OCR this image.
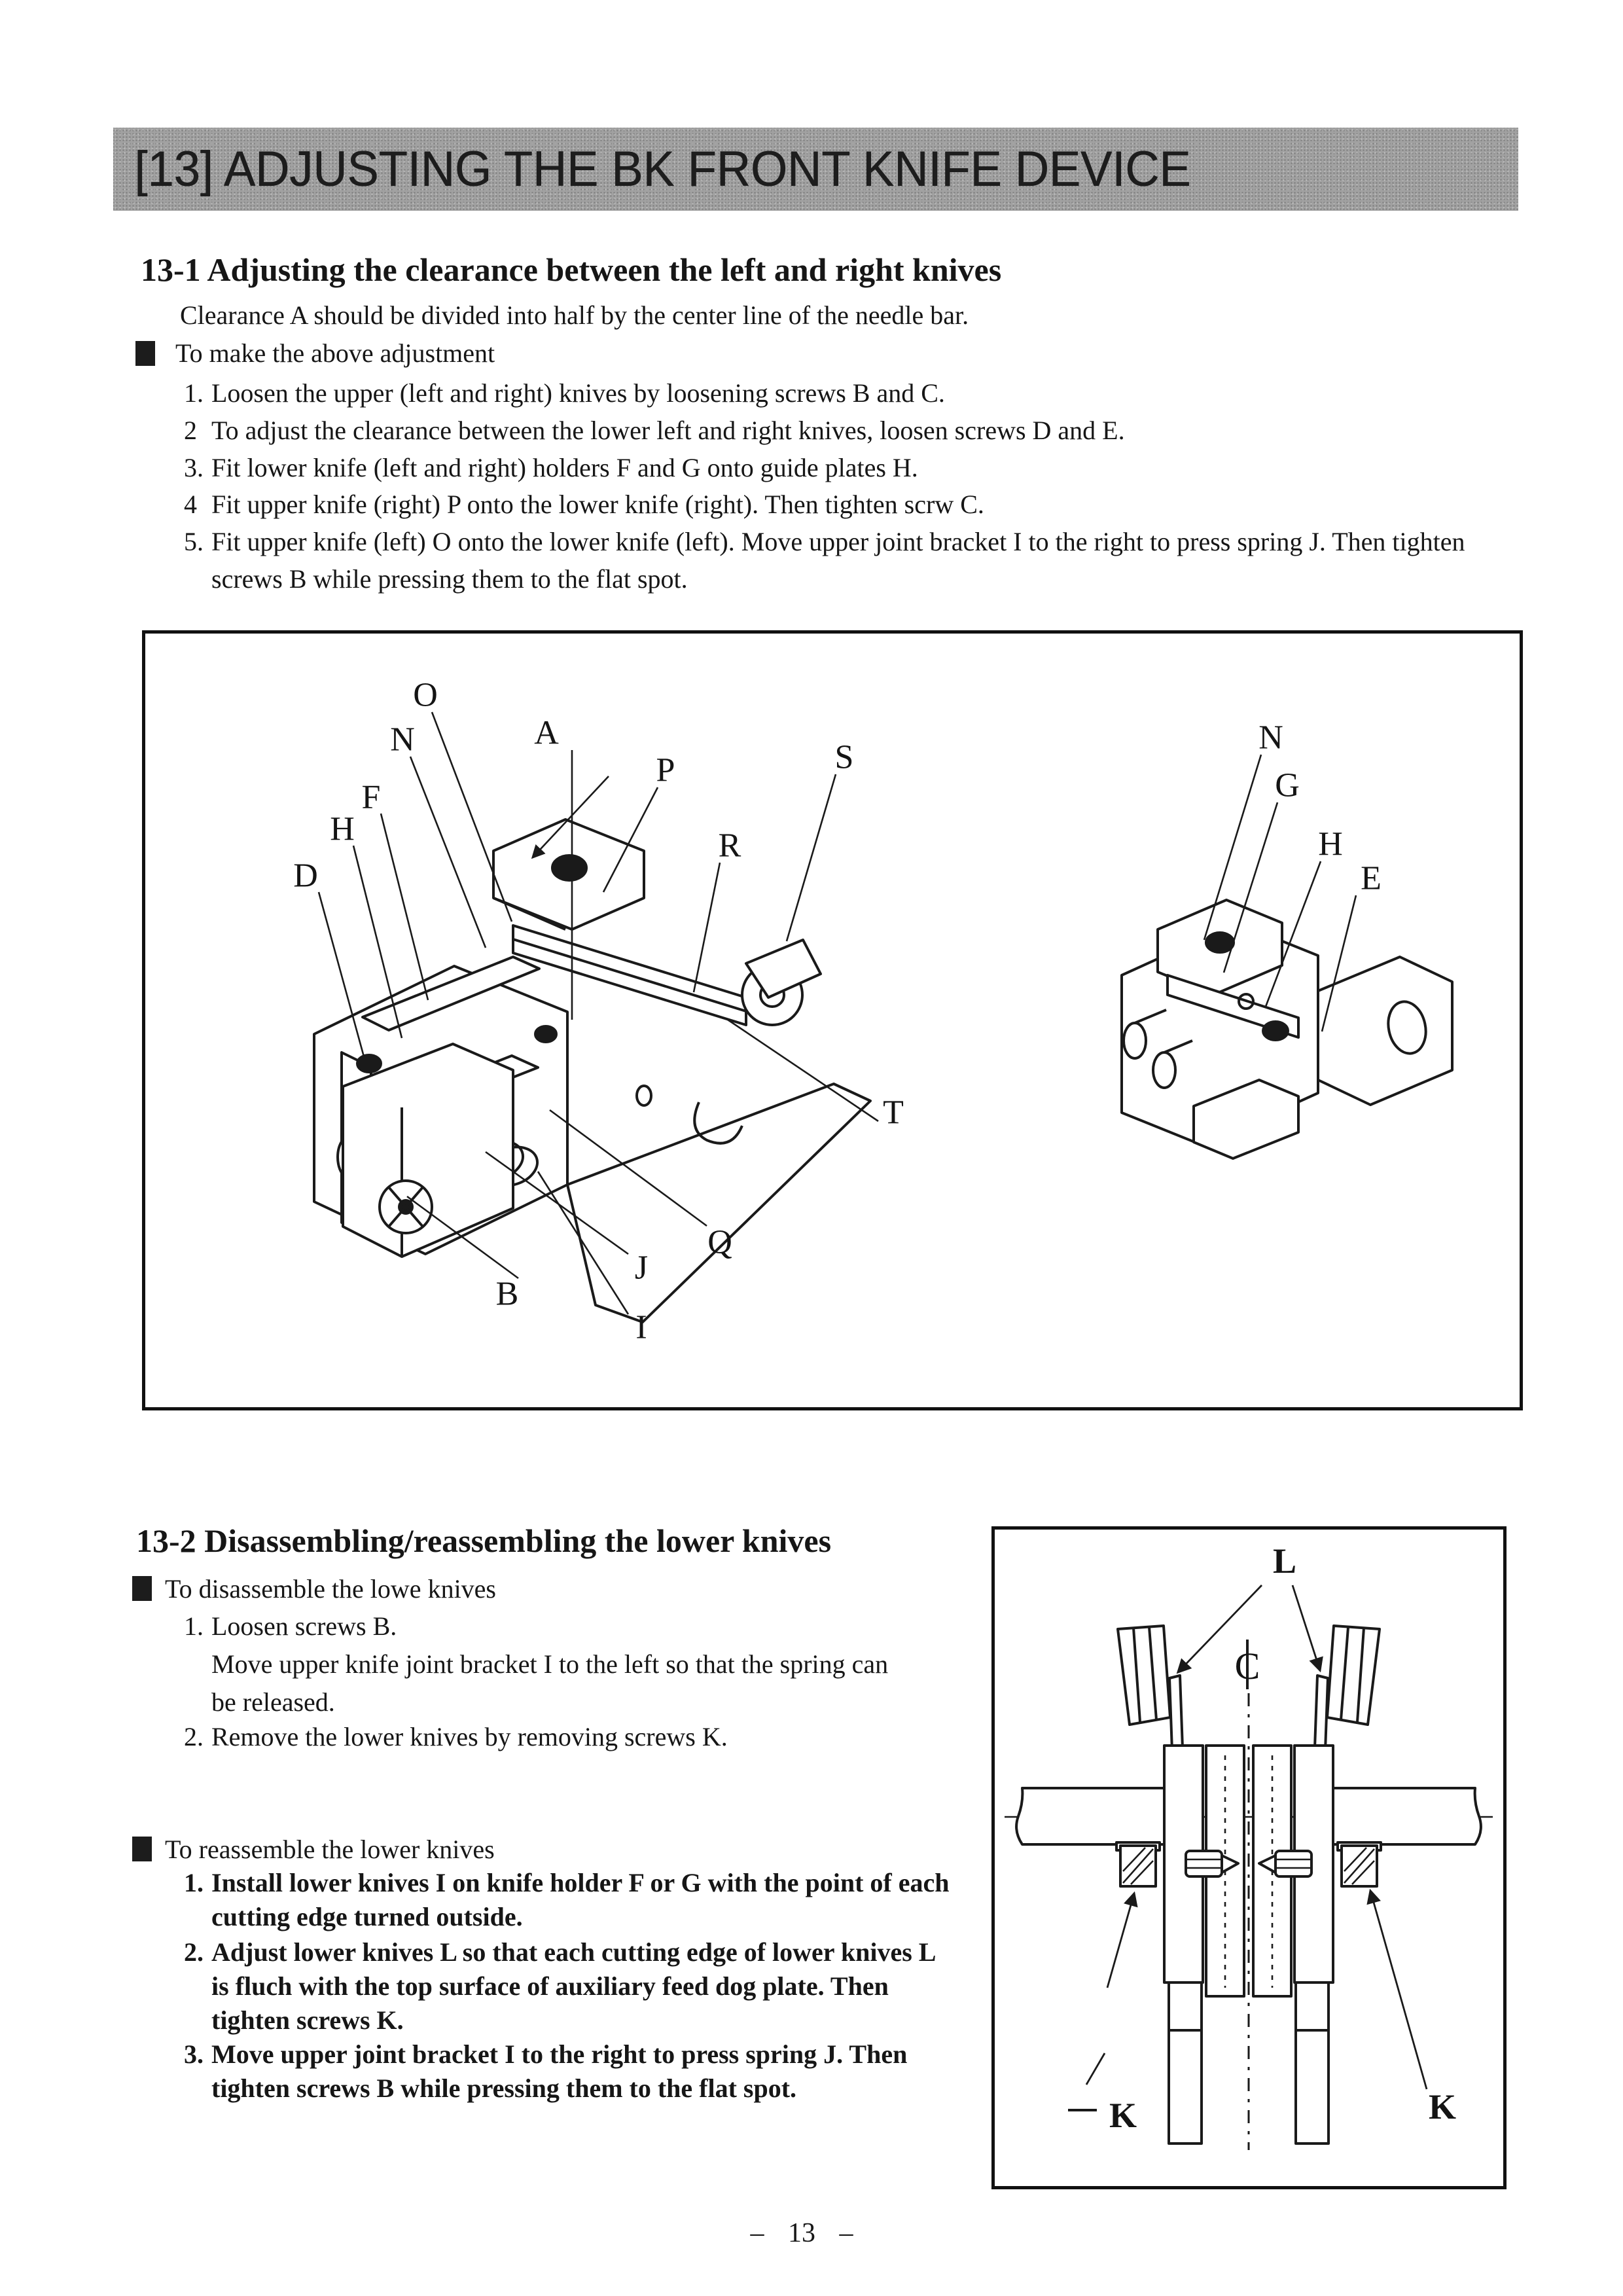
[13] ADJUSTING THE BK FRONT KNIFE DEVICE
13-1 Adjusting the clearance between the left and right knives
Clearance A should be divided into half by the center line of the needle bar.
To make the above adjustment
1. Loosen the upper (left and right) knives by loosening screws B and C.
2 To adjust the clearance between the lower left and right knives, loosen screws D and E.
3. Fit lower knife (left and right) holders F and G onto guide plates H.
4 Fit upper knife (right) P onto the lower knife (right). Then tighten scrw C.
5. Fit upper knife (left) O onto the lower knife (left). Move upper joint bracket I to the right to press spring J. Then tighten screws B while pressing them to the flat spot.
O
N	A
P	S
F
H
D
R
T
Q
J
B
I
N
G
H
E
13-2 Disassembling/reassembling the lower knives
To disassemble the lowe knives
1. Loosen screws B.
Move upper knife joint bracket I to the left so that the spring can be released.
2. Remove the lower knives by removing screws K.
To reassemble the lower knives
1. Install lower knives I on knife holder F or G with the point of each cutting edge turned outside.
2. Adjust lower knives L so that each cutting edge of lower knives L is fluch with the top surface of auxiliary feed dog plate. Then tighten screws K.
3. Move upper joint bracket I to the right to press spring J. Then tighten screws B while pressing them to the flat spot.
C
L
K	K
– 13 –
